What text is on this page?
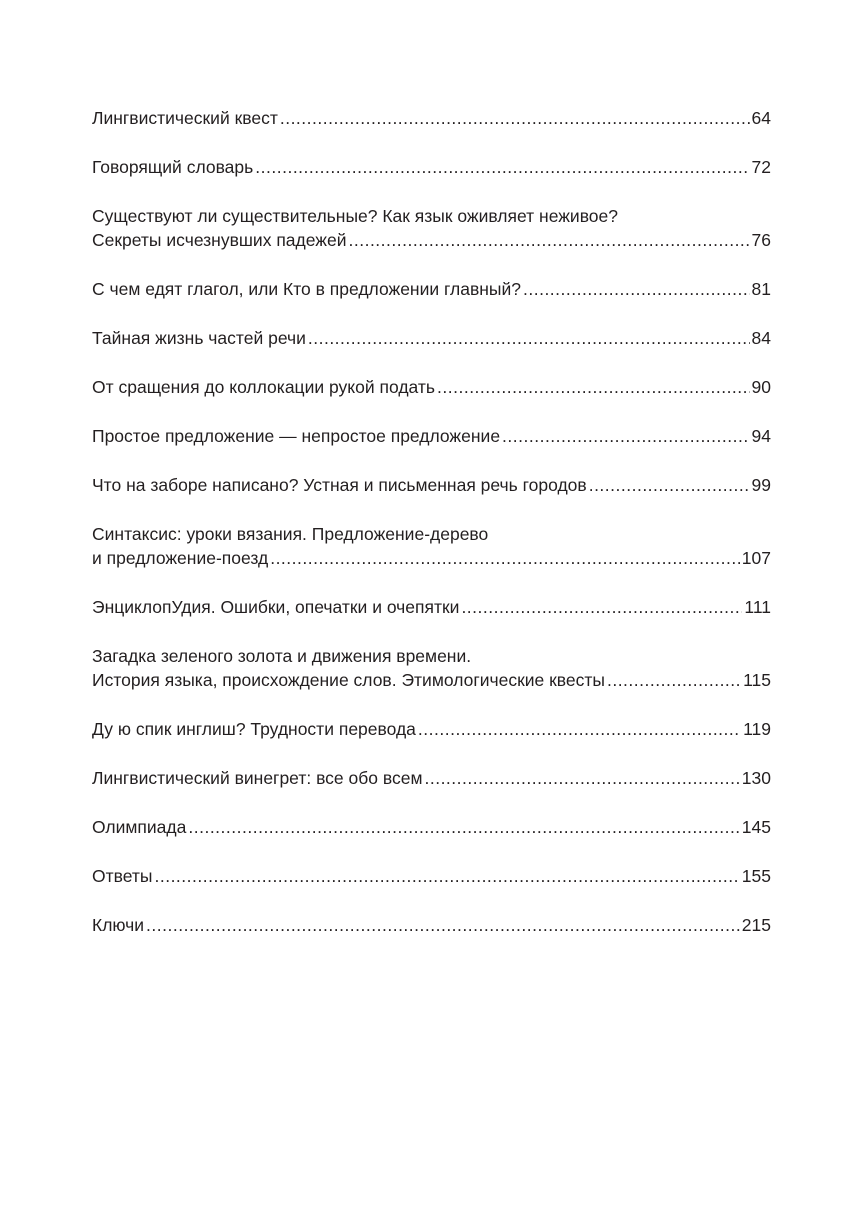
Лингвистический квест .....	64
Говорящий словарь .....	72
Существуют ли существительные? Как язык оживляет неживое?
Секреты исчезнувших падежей .....	76
С чем едят глагол, или Кто в предложении главный? .....	81
Тайная жизнь частей речи .....	84
От сращения до коллокации рукой подать .....	90
Простое предложение — непростое предложение .....	94
Что на заборе написано? Устная и письменная речь городов .....	99
Синтаксис: уроки вязания. Предложение-дерево
и предложение-поезд .....	107
ЭнциклопУдия. Ошибки, опечатки и очепятки .....	111
Загадка зеленого золота и движения времени.
История языка, происхождение слов. Этимологические квесты .....	115
Ду ю спик инглиш? Трудности перевода .....	119
Лингвистический винегрет: все обо всем .....	130
Олимпиада .....	145
Ответы .....	155
Ключи .....	215
